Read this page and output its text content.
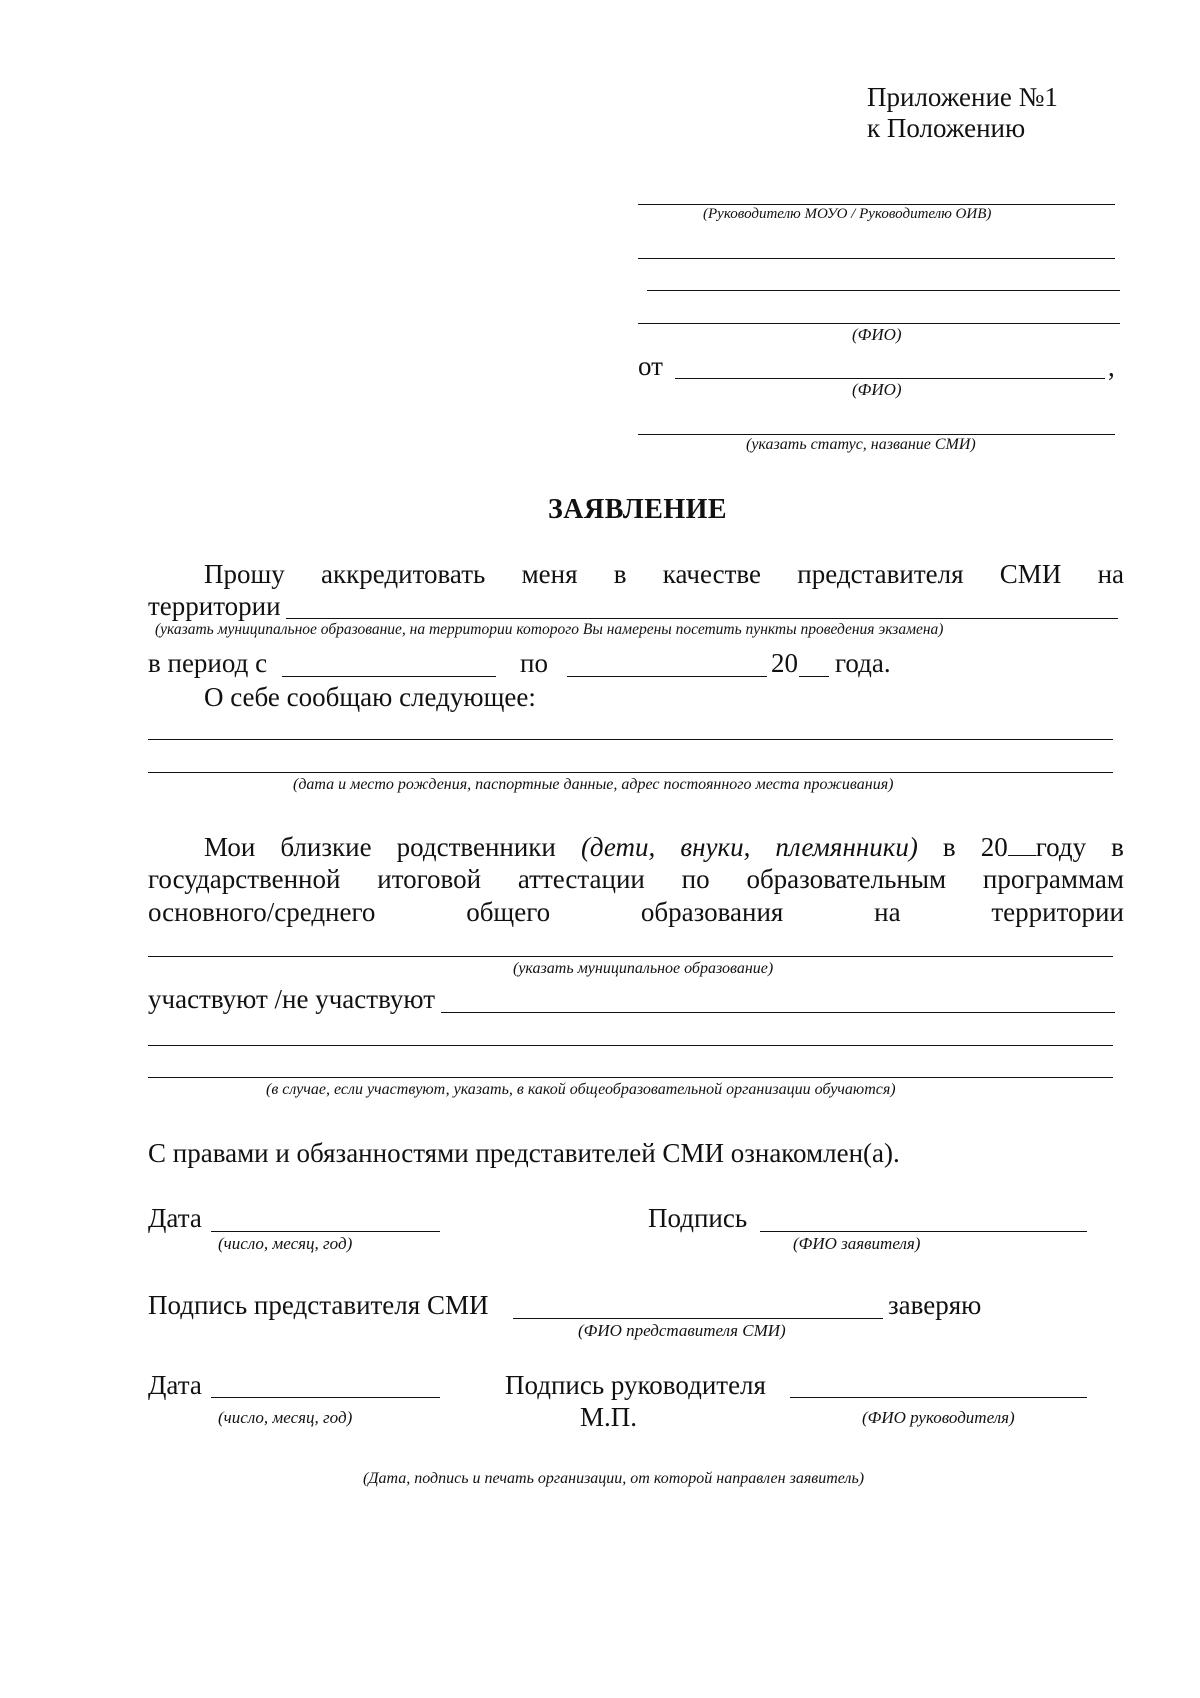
Приложение №1
к Положению
(Руководителю МОУО / Руководителю ОИВ)
(ФИО)
от	,
(ФИО)
(указать статус, название СМИ)
ЗАЯВЛЕНИЕ
Прошу аккредитовать меня в качестве представителя СМИ на
территории
(указать муниципальное образование, на территории которого Вы намерены посетить пункты проведения экзамена)
в период с	по	20 года.
О себе сообщаю следующее:
(дата и место рождения, паспортные данные, адрес постоянного места проживания)
Мои близкие родственники (дети, внуки, племянники) в 20 году в
государственной итоговой аттестации по образовательным программам
основного/среднего	общего	образования	на	территории
(указать муниципальное образование)
участвуют /не участвуют
(в случае, если участвуют, указать, в какой общеобразовательной организации обучаются)
С правами и обязанностями представителей СМИ ознакомлен(а).
Дата
(число, месяц, год)
Подпись
(ФИО заявителя)
Подпись представителя СМИ	заверяю
(ФИО представителя СМИ)
Дата
(число, месяц, год)
Подпись руководителя
М.П.	(ФИО руководителя)
(Дата, подпись и печать организации, от которой направлен заявитель)
